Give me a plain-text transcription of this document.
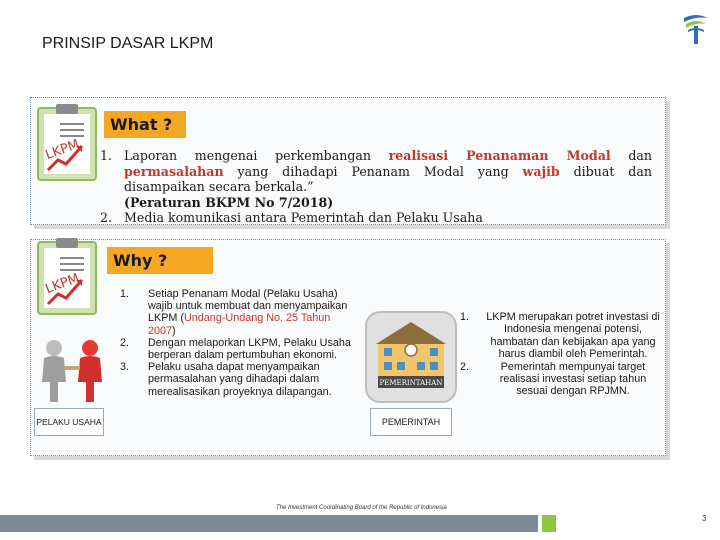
PRINSIP DASAR LKPM
LKPM
What ?
1. Laporan mengenai perkembangan realisasi Penanaman Modal dan permasalahan yang dihadapi Penanam Modal yang wajib dibuat dan disampaikan secara berkala.”
(Peraturan BKPM No 7/2018)
2. Media komunikasi antara Pemerintah dan Pelaku Usaha
LKPM
Why ?
PELAKU USAHA
1.	Setiap Penanam Modal (Pelaku Usaha) wajib untuk membuat dan menyampaikan LKPM (Undang-Undang No. 25 Tahun 2007)
2.	Dengan melaporkan LKPM, Pelaku Usaha berperan dalam pertumbuhan ekonomi.
3.	Pelaku usaha dapat menyampaikan permasalahan yang dihadapi dalam merealisasikan proyeknya dilapangan.
PEMERINTAHAN
PEMERINTAH
1.	LKPM merupakan potret investasi di Indonesia mengenai potensi, hambatan dan kebijakan apa yang harus diambil oleh Pemerintah.
2.	Pemerintah mempunyai target realisasi investasi setiap tahun sesuai dengan RPJMN.
The Investment Coordinating Board of the Republic of Indonesia
3
